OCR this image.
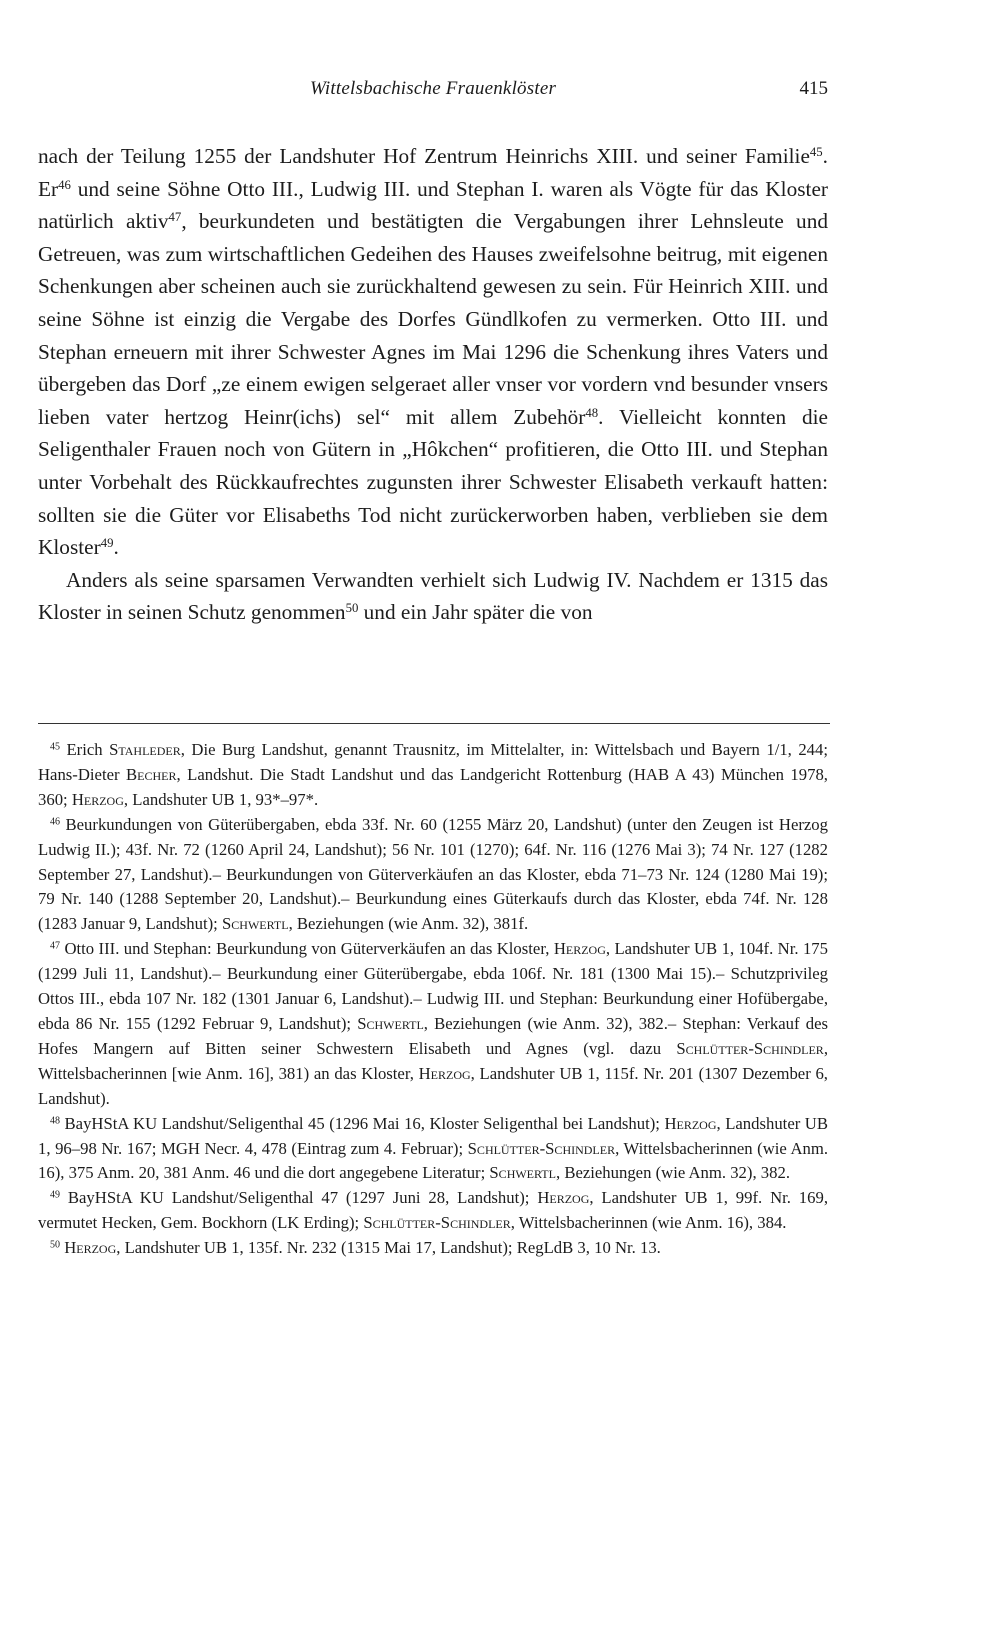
Wittelsbachische Frauenklöster	415

nach der Teilung 1255 der Landshuter Hof Zentrum Heinrichs XIII. und seiner Familie$^{45}$. Er$^{46}$ und seine Söhne Otto III., Ludwig III. und Stephan I. waren als Vögte für das Kloster natürlich aktiv$^{47}$, beurkundeten und bestätigten die Vergabungen ihrer Lehnsleute und Getreuen, was zum wirtschaftlichen Gedeihen des Hauses zweifelsohne beitrug, mit eigenen Schenkungen aber scheinen auch sie zurückhaltend gewesen zu sein. Für Heinrich XIII. und seine Söhne ist einzig die Vergabe des Dorfes Gündlkofen zu vermerken. Otto III. und Stephan erneuern mit ihrer Schwester Agnes im Mai 1296 die Schenkung ihres Vaters und übergeben das Dorf „ze einem ewigen selgeraet aller vnser vor vordern vnd besunder vnsers lieben vater hertzog Heinr(ichs) sel“ mit allem Zubehör$^{48}$. Vielleicht konnten die Seligenthaler Frauen noch von Gütern in „Hôkchen“ profitieren, die Otto III. und Stephan unter Vorbehalt des Rückkaufrechtes zugunsten ihrer Schwester Elisabeth verkauft hatten: sollten sie die Güter vor Elisabeths Tod nicht zurückerworben haben, verblieben sie dem Kloster$^{49}$.

Anders als seine sparsamen Verwandten verhielt sich Ludwig IV. Nachdem er 1315 das Kloster in seinen Schutz genommen$^{50}$ und ein Jahr später die von

$^{45}$ Erich Stahleder, Die Burg Landshut, genannt Trausnitz, im Mittelalter, in: Wittelsbach und Bayern 1/1, 244; Hans-Dieter Becher, Landshut. Die Stadt Landshut und das Landgericht Rottenburg (HAB A 43) München 1978, 360; Herzog, Landshuter UB 1, 93*–97*.

$^{46}$ Beurkundungen von Güterübergaben, ebda 33f. Nr. 60 (1255 März 20, Landshut) (unter den Zeugen ist Herzog Ludwig II.); 43f. Nr. 72 (1260 April 24, Landshut); 56 Nr. 101 (1270); 64f. Nr. 116 (1276 Mai 3); 74 Nr. 127 (1282 September 27, Landshut).– Beurkundungen von Güterverkäufen an das Kloster, ebda 71–73 Nr. 124 (1280 Mai 19); 79 Nr. 140 (1288 September 20, Landshut).– Beurkundung eines Güterkaufs durch das Kloster, ebda 74f. Nr. 128 (1283 Januar 9, Landshut); Schwertl, Beziehungen (wie Anm. 32), 381f.

$^{47}$ Otto III. und Stephan: Beurkundung von Güterverkäufen an das Kloster, Herzog, Landshuter UB 1, 104f. Nr. 175 (1299 Juli 11, Landshut).– Beurkundung einer Güterübergabe, ebda 106f. Nr. 181 (1300 Mai 15).– Schutzprivileg Ottos III., ebda 107 Nr. 182 (1301 Januar 6, Landshut).– Ludwig III. und Stephan: Beurkundung einer Hofübergabe, ebda 86 Nr. 155 (1292 Februar 9, Landshut); Schwertl, Beziehungen (wie Anm. 32), 382.– Stephan: Verkauf des Hofes Mangern auf Bitten seiner Schwestern Elisabeth und Agnes (vgl. dazu Schlütter-Schindler, Wittelsbacherinnen [wie Anm. 16], 381) an das Kloster, Herzog, Landshuter UB 1, 115f. Nr. 201 (1307 Dezember 6, Landshut).

$^{48}$ BayHStA KU Landshut/Seligenthal 45 (1296 Mai 16, Kloster Seligenthal bei Landshut); Herzog, Landshuter UB 1, 96–98 Nr. 167; MGH Necr. 4, 478 (Eintrag zum 4. Februar); Schlütter-Schindler, Wittelsbacherinnen (wie Anm. 16), 375 Anm. 20, 381 Anm. 46 und die dort angegebene Literatur; Schwertl, Beziehungen (wie Anm. 32), 382.

$^{49}$ BayHStA KU Landshut/Seligenthal 47 (1297 Juni 28, Landshut); Herzog, Landshuter UB 1, 99f. Nr. 169, vermutet Hecken, Gem. Bockhorn (LK Erding); Schlütter-Schindler, Wittelsbacherinnen (wie Anm. 16), 384.

$^{50}$ Herzog, Landshuter UB 1, 135f. Nr. 232 (1315 Mai 17, Landshut); RegLdB 3, 10 Nr. 13.
